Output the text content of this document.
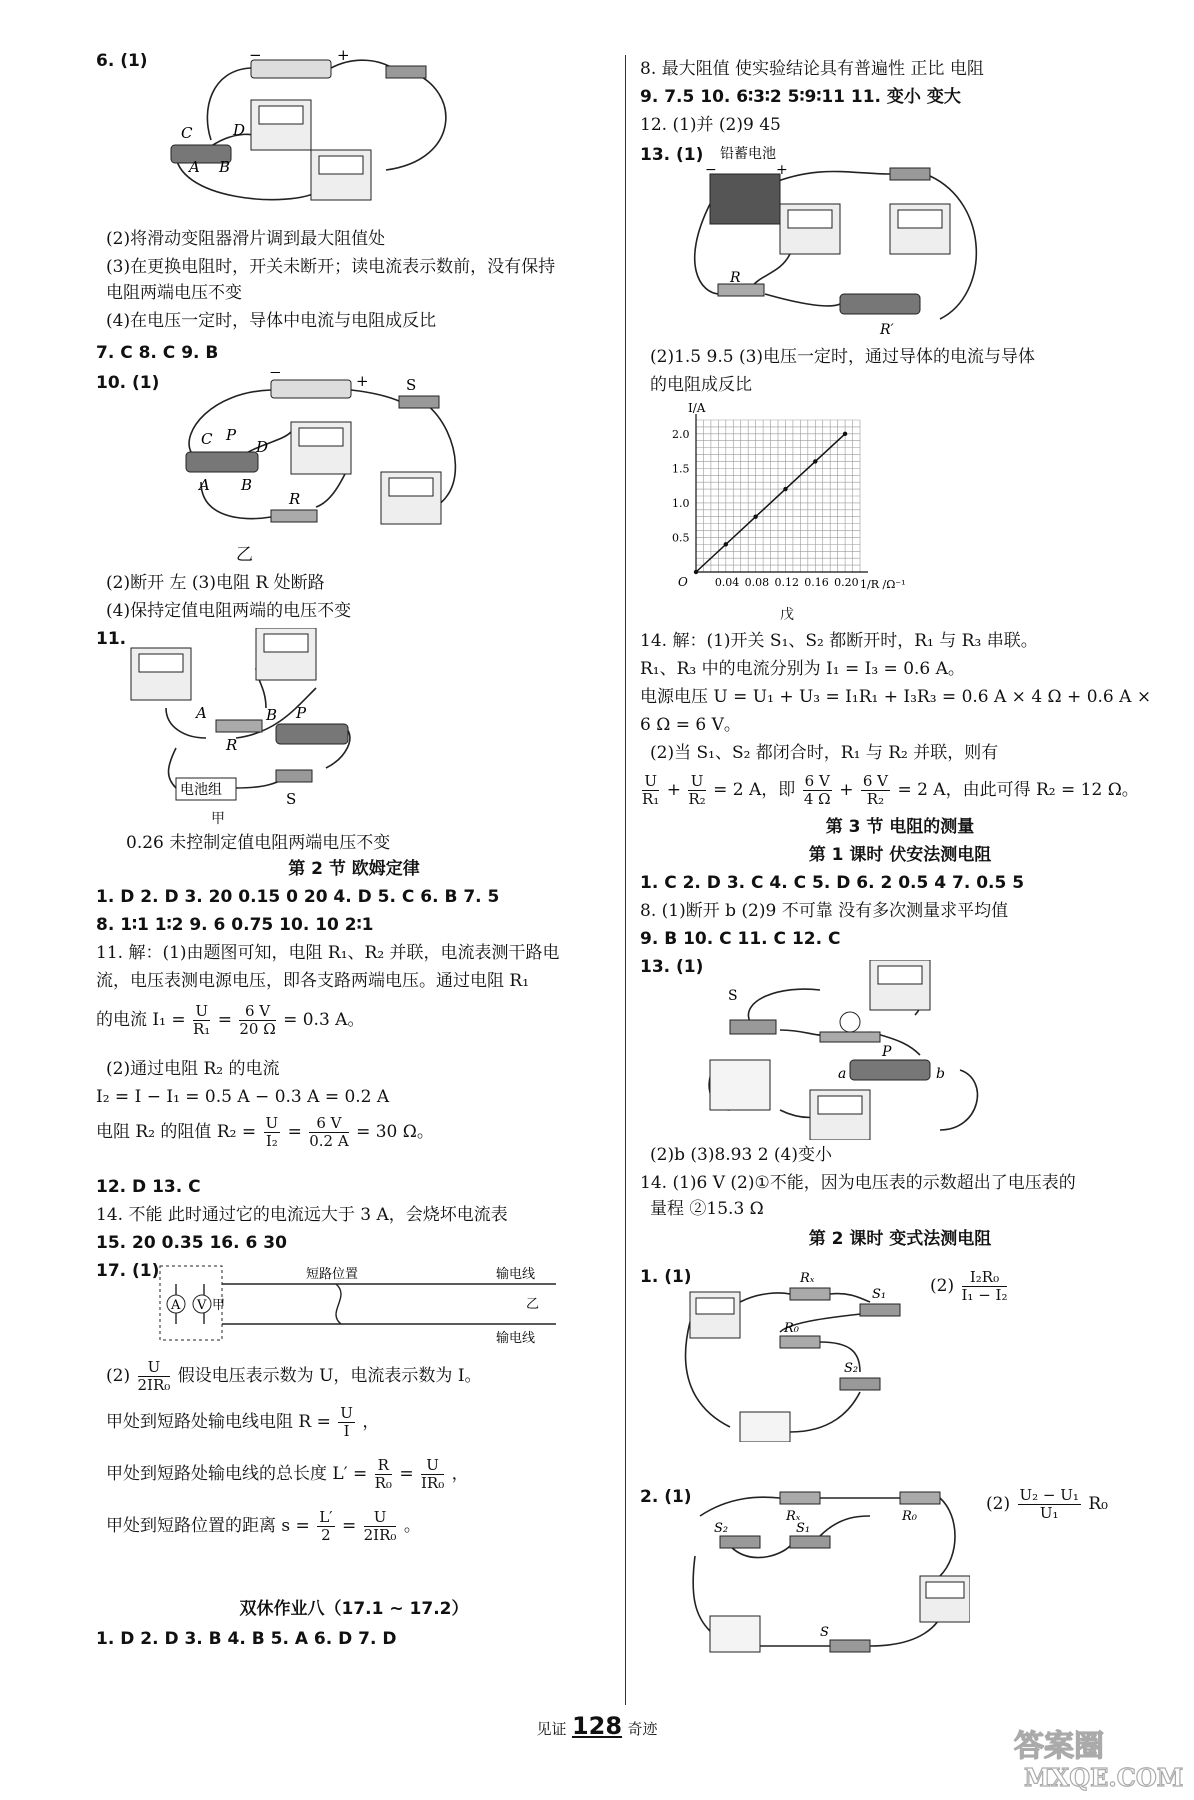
6. (1)	−	+
C	D
A B
(2)将滑动变阻器滑片调到最大阻值处
(3)在更换电阻时，开关未断开；读电流表示数前，没有保持
电阻两端电压不变
(4)在电压一定时，导体中电流与电阻成反比
7. C 8. C 9. B
10. (1)
−	+ S
C P
D
A B
R
乙
(2)断开 左 (3)电阻 R 处断路
(4)保持定值电阻两端的电压不变
11.
A	B
R
P
电池组	S
甲
0.26 未控制定值电阻两端电压不变
第 2 节 欧姆定律
1. D 2. D 3. 20 0.15 0 20 4. D 5. C 6. B 7. 5
8. 1∶1 1∶2 9. 6 0.75 10. 10 2∶1
11. 解：(1)由题图可知，电阻 R₁、R₂ 并联，电流表测干路电
流，电压表测电源电压，即各支路两端电压。通过电阻 R₁
的电流 $I_1 = \frac{U}{\text{R₁}} = \frac{6 V}{20 \Omega} = 0.3$ A。
(2)通过电阻 R₂ 的电流
I₂ = I − I₁ = 0.5 A − 0.3 A = 0.2 A
电阻 R₂ 的阻值 $R_2 = \frac{U}{\text{I₂}} = \frac{6 V}{0.2 A} = 30$ Ω。
12. D 13. C
14. 不能 此时通过它的电流远大于 3 A，会烧坏电流表
15. 20 0.35 16. 6 30
17. (1)
A V 甲
短路位置	输电线
乙
输电线
$(2) \frac{U}{\text{2IR₀}}$ 假设电压表示数为 U，电流表示数为 I。
甲处到短路处输电线电阻 $R = \frac{U}{I}$ ，
甲处到短路处输电线的总长度 $L' = \frac{R}{\text{R₀}} = \frac{U}{\text{IR₀}}$ ，
甲处到短路位置的距离 $s = \frac{L'}{2} = \frac{U}{\text{2IR₀}}$ 。
双休作业八（17.1 ~ 17.2）
1. D 2. D 3. B 4. B 5. A 6. D 7. D
8. 最大阻值 使实验结论具有普遍性 正比 电阻
9. 7.5 10. 6∶3∶2 5∶9∶11 11. 变小 变大
12. (1)并 (2)9 45
13. (1) 铅蓄电池
−	+
R
R′
(2)1.5 9.5 (3)电压一定时，通过导体的电流与导体
的电阻成反比
2.0
1.5
1.0
0.5
0.04 0.08 0.12 0.16 0.20
I/A
O	1/R /Ω⁻¹
戊
14. 解：(1)开关 S₁、S₂ 都断开时，R₁ 与 R₃ 串联。
R₁、R₃ 中的电流分别为 I₁ = I₃ = 0.6 A。
电源电压 U = U₁ + U₃ = I₁R₁ + I₃R₃ = 0.6 A × 4 Ω + 0.6 A ×
6 Ω = 6 V。
(2)当 S₁、S₂ 都闭合时，R₁ 与 R₂ 并联，则有
$\frac{U}{\text{R₁}} + \frac{U}{\text{R₂}} = 2$ A，即 $\frac{6 V}{4 \Omega} + \frac{6 V}{\text{R₂}} = 2$ A，由此可得 R₂ = 12 Ω。
第 3 节 电阻的测量
第 1 课时 伏安法测电阻
1. C 2. D 3. C 4. C 5. D 6. 2 0.5 4 7. 0.5 5
8. (1)断开 b (2)9 不可靠 没有多次测量求平均值
9. B 10. C 11. C 12. C
13. (1)
S
P
a	b
(2)b (3)8.93 2 (4)变小
14. (1)6 V (2)①不能，因为电压表的示数超出了电压表的
量程 ②15.3 Ω
第 2 课时 变式法测电阻
1. (1)	Rₓ
S₁
R₀
S₂
$(2) \frac{\text{I₂R₀}}{\text{I₁ − I₂}}$
2. (1)
Rₓ	R₀
S₂	S₁
S
$(2) \frac{\text{U₂ − U₁}}{\text{U₁}} R_0$
见证 128 奇迹	答案圈
MXQE.COM
